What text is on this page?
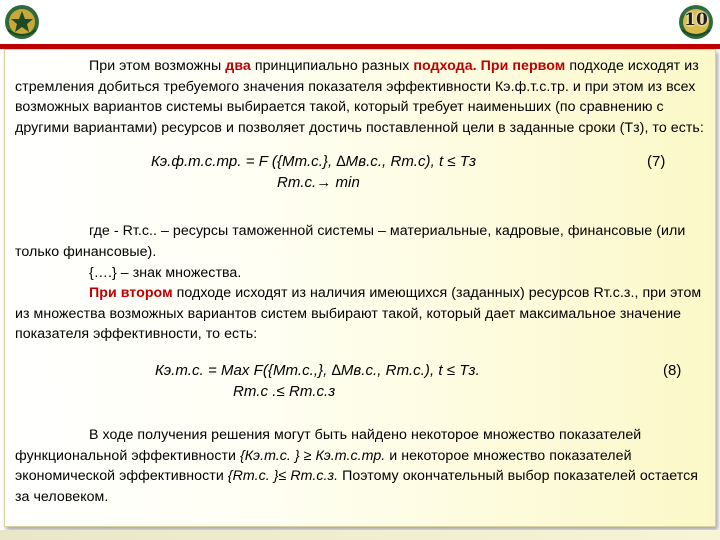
10

При этом возможны два принципиально разных подхода. При первом подходе исходят из стремления добиться требуемого значения показателя эффективности Кэ.ф.т.с.тр. и при этом из всех возможных вариантов системы выбирается такой, который требует наименьших (по сравнению с другими вариантами) ресурсов и позволяет достичь поставленной цели в заданные сроки (Тз), то есть:

Кэ.ф.т.с.тр. = F ({Мт.с.}, ∆Мв.с., Rт.с), t ≤ Тз	(7)
Rт.с.→ min

где - Rт.с.. – ресурсы таможенной системы – материальные, кадровые, финансовые (или только финансовые).

{….} – знак множества.

При втором подходе исходят из наличия имеющихся (заданных) ресурсов Rт.с.з., при этом из множества возможных вариантов систем выбирают такой, который дает максимальное значение показателя эффективности, то есть:

Кэ.т.с. = Max F({Мт.с.,}, ∆Мв.с., Rт.с.), t ≤ Тз.	(8)
Rт.с .≤ Rт.с.з

В ходе получения решения могут быть найдено некоторое множество показателей функциональной эффективности {Кэ.т.с. } ≥ Кэ.т.с.тр. и некоторое множество показателей экономической эффективности {Rт.с. }≤ Rт.с.з. Поэтому окончательный выбор показателей остается за человеком.
